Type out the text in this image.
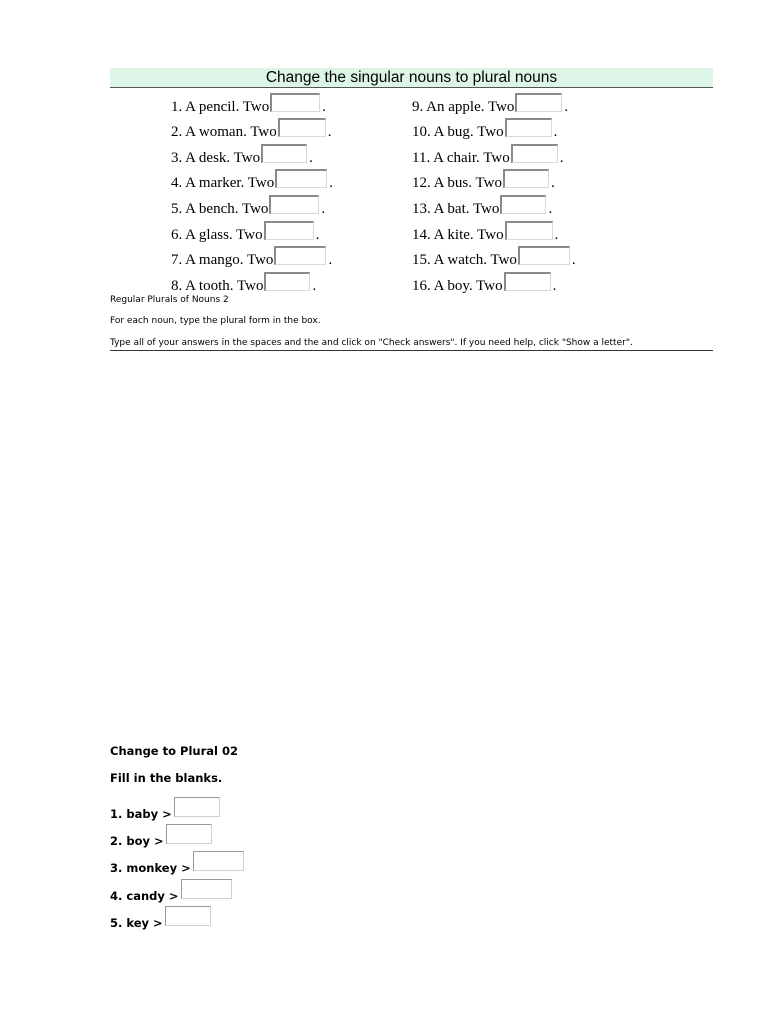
Change the singular nouns to plural nouns
1. A pencil. Two	.
2. A woman. Two	.
3. A desk. Two	.
4. A marker. Two	.
5. A bench. Two	.
6. A glass. Two	.
7. A mango. Two	.
8. A tooth. Two	.
9. An apple. Two	.
10. A bug. Two	.
11. A chair. Two	.
12. A bus. Two	.
13. A bat. Two	.
14. A kite. Two	.
15. A watch. Two	.
16. A boy. Two	.
Regular Plurals of Nouns 2
For each noun, type the plural form in the box.
Type all of your answers in the spaces and the and click on "Check answers". If you need help, click "Show a letter".
Change to Plural 02
Fill in the blanks.
1. baby >
2. boy >
3. monkey >
4. candy >
5. key >
